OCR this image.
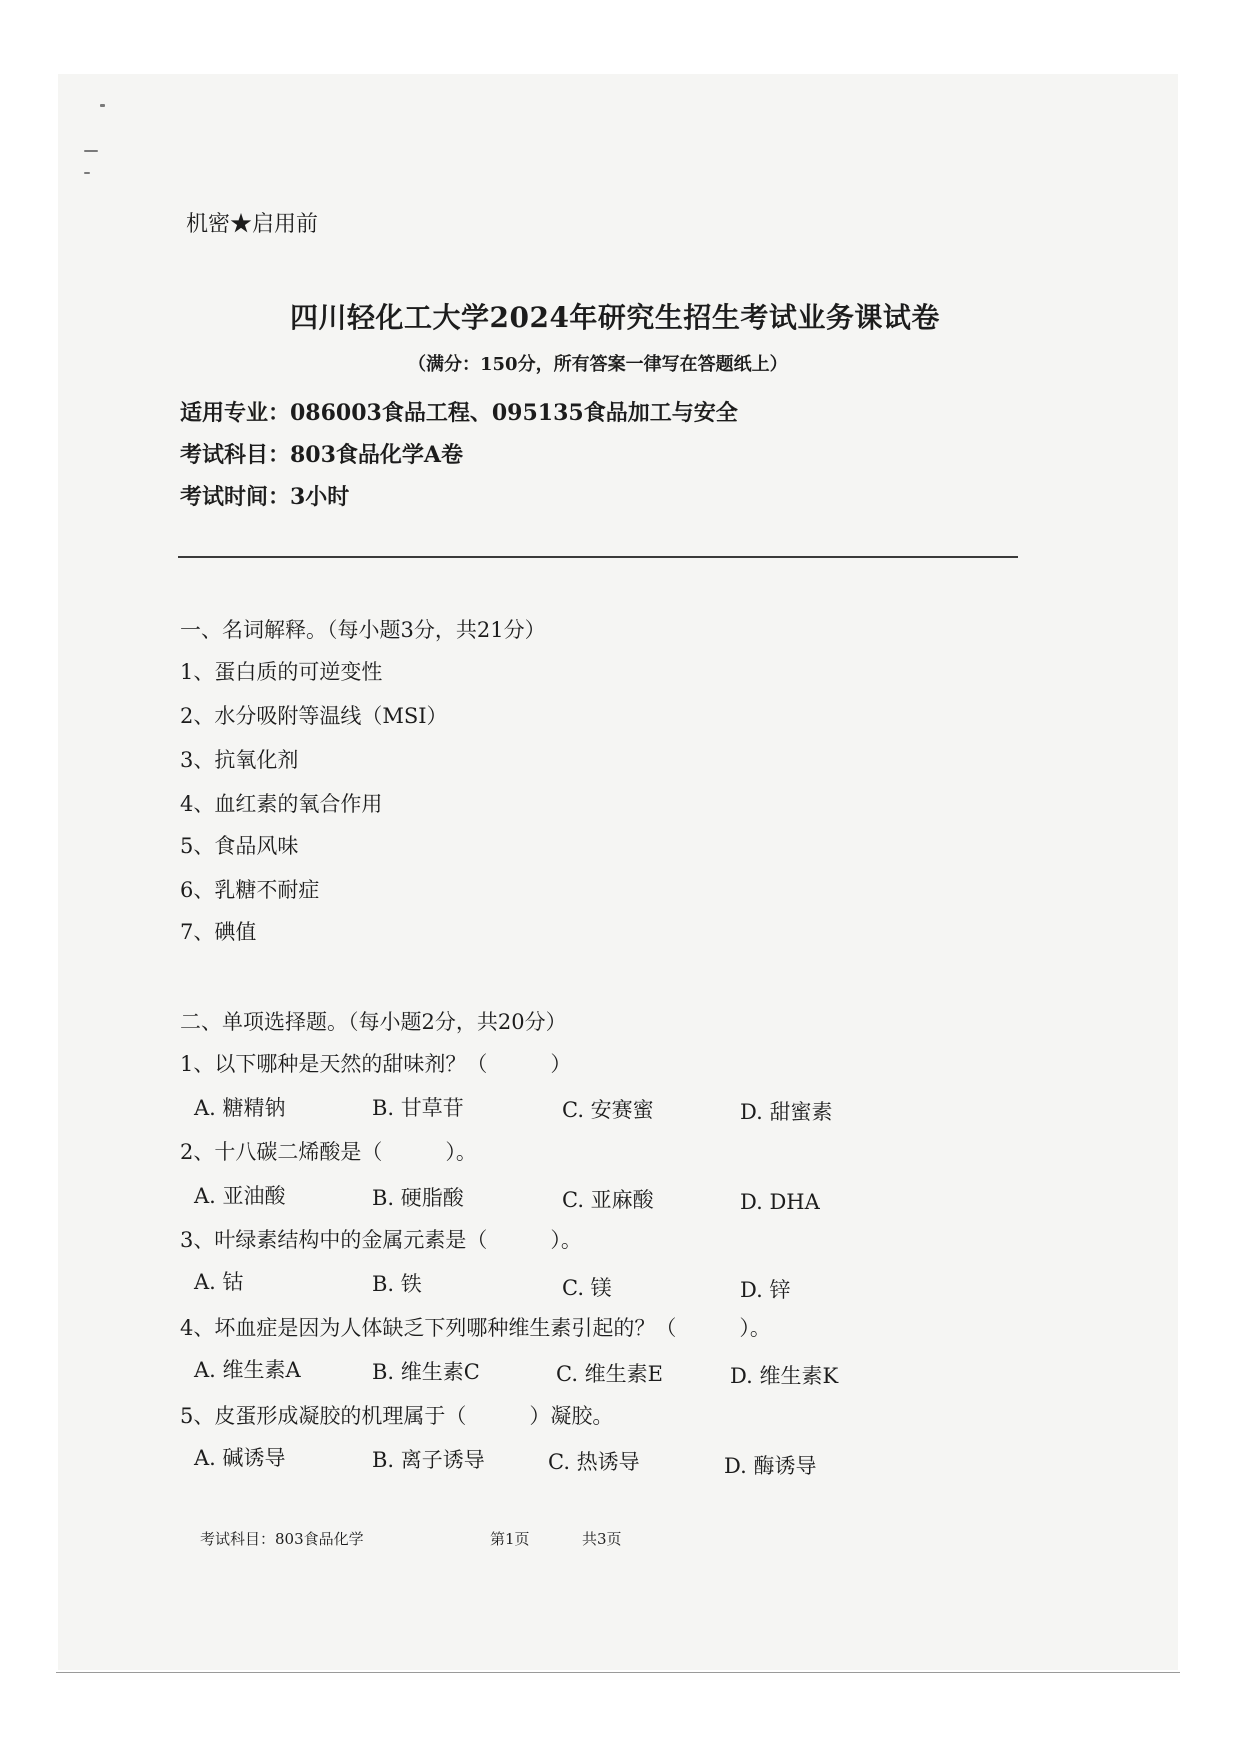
机密★启用前
四川轻化工大学2024年研究生招生考试业务课试卷
（满分：150分，所有答案一律写在答题纸上）
适用专业：086003食品工程、095135食品加工与安全
考试科目：803食品化学A卷
考试时间：3小时
一、名词解释。（每小题3分，共21分）
1、蛋白质的可逆变性
2、水分吸附等温线（MSI）
3、抗氧化剂
4、血红素的氧合作用
5、食品风味
6、乳糖不耐症
7、碘值
二、单项选择题。（每小题2分，共20分）
1、以下哪种是天然的甜味剂？（　　　）
A. 糖精钠	B. 甘草苷	C. 安赛蜜	D. 甜蜜素
2、十八碳二烯酸是（　　　）。
A. 亚油酸	B. 硬脂酸	C. 亚麻酸	D. DHA
3、叶绿素结构中的金属元素是（　　　）。
A. 钴	B. 铁	C. 镁	D. 锌
4、坏血症是因为人体缺乏下列哪种维生素引起的？（　　　）。
A. 维生素A	B. 维生素C	C. 维生素E	D. 维生素K
5、皮蛋形成凝胶的机理属于（　　　）凝胶。
A. 碱诱导	B. 离子诱导	C. 热诱导	D. 酶诱导
考试科目：803食品化学	第1页	共3页
